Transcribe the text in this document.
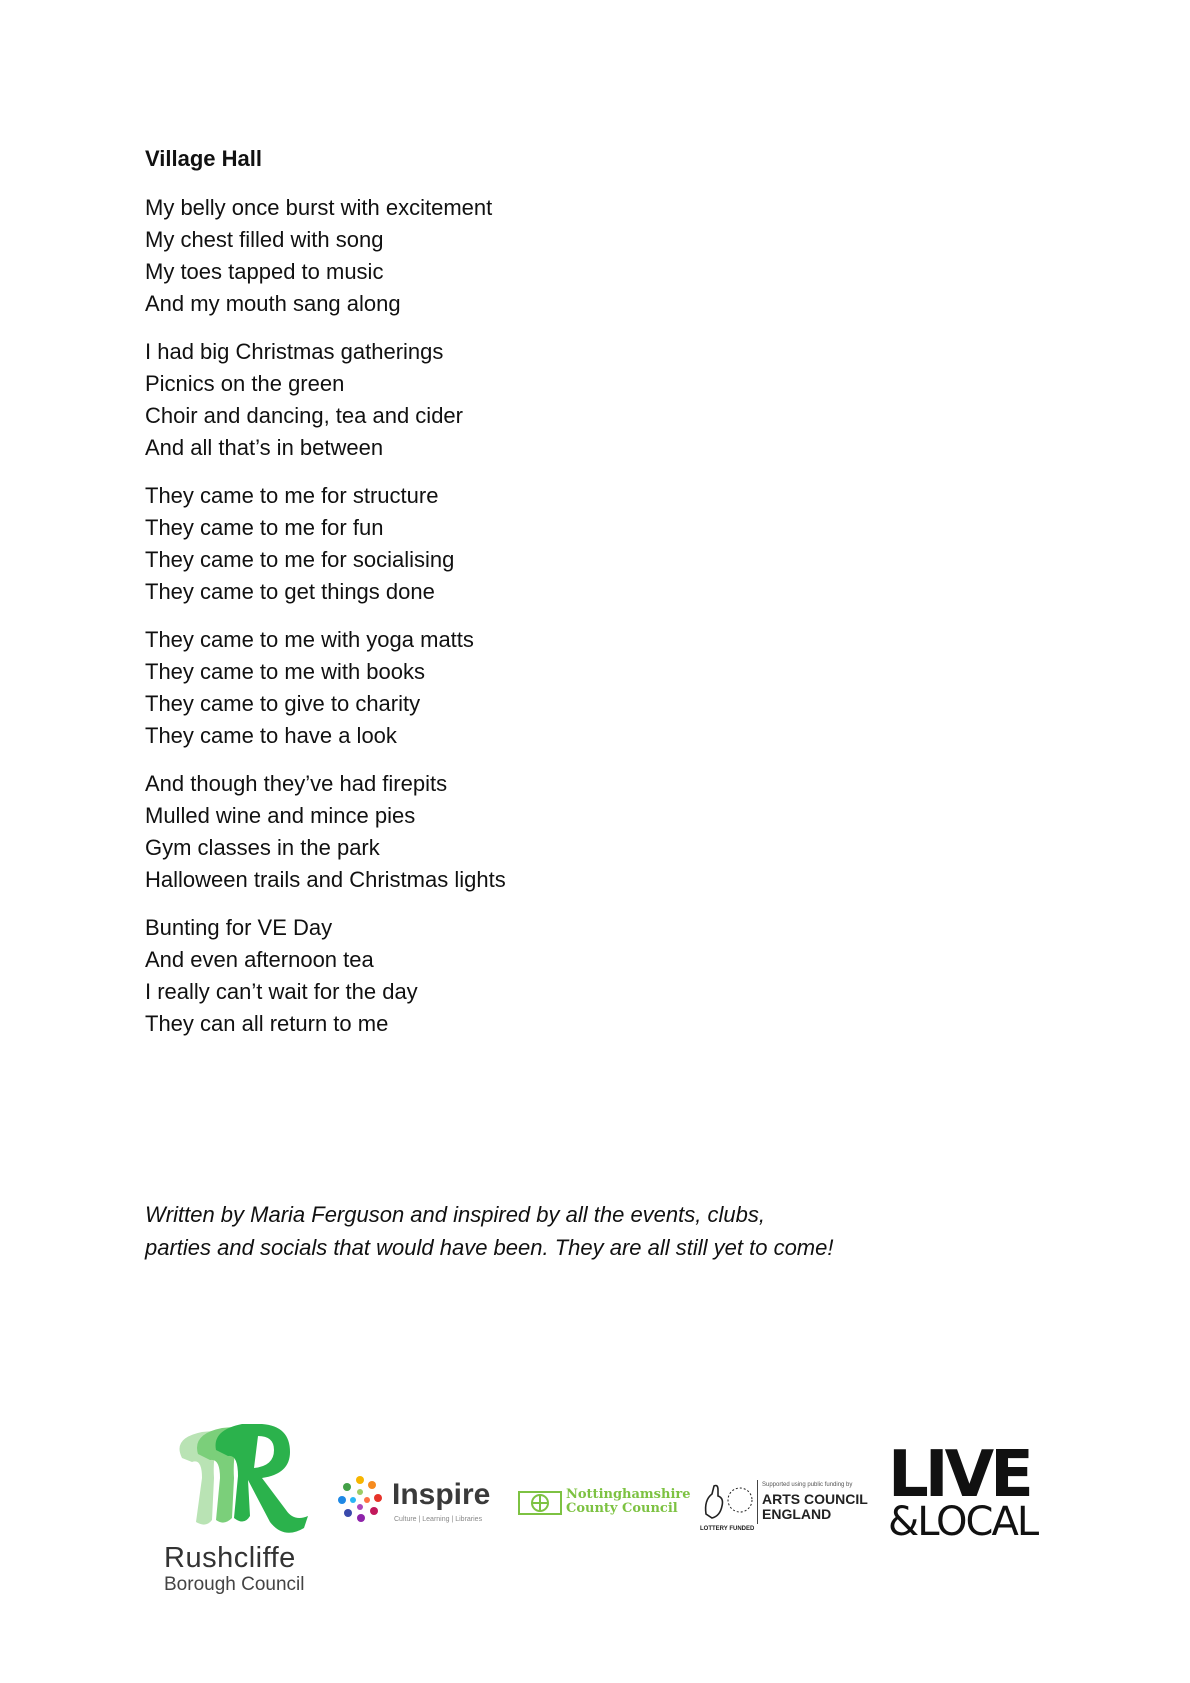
Village Hall
My belly once burst with excitement
My chest filled with song
My toes tapped to music
And my mouth sang along
I had big Christmas gatherings
Picnics on the green
Choir and dancing, tea and cider
And all that’s in between
They came to me for structure
They came to me for fun
They came to me for socialising
They came to get things done
They came to me with yoga matts
They came to me with books
They came to give to charity
They came to have a look
And though they’ve had firepits
Mulled wine and mince pies
Gym classes in the park
Halloween trails and Christmas lights
Bunting for VE Day
And even afternoon tea
I really can’t wait for the day
They can all return to me
Written by Maria Ferguson and inspired by all the events, clubs,
parties and socials that would have been. They are all still yet to come!
Rushcliffe
Borough Council
Inspire
Culture | Learning | Libraries
Nottinghamshire
County Council
LOTTERY FUNDED
Supported using public funding by
ARTS COUNCIL
ENGLAND
LIVE
&LOCAL
